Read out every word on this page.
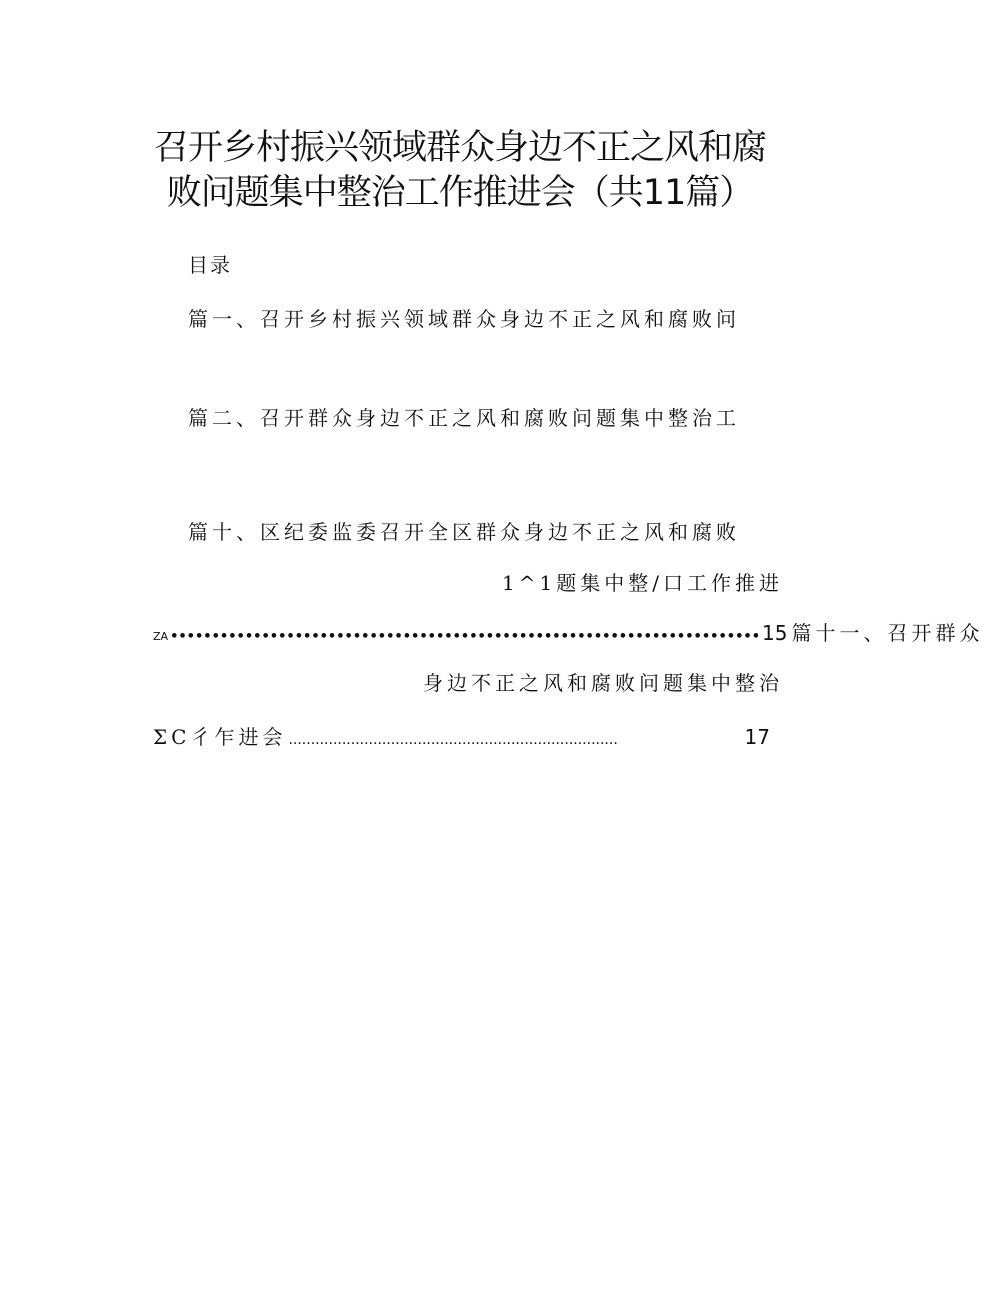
召开乡村振兴领域群众身边不正之风和腐
败问题集中整治工作推进会（共11篇）
目录
篇一、召开乡村振兴领域群众身边不正之风和腐败问
篇二、召开群众身边不正之风和腐败问题集中整治工
篇十、区纪委监委召开全区群众身边不正之风和腐败
1^1题集中整/口工作推进
ZA ••••••••••••••••••••••••••••••••••••••••••••••••••••••••••••••••••••••• 15 篇十一、召开群众
身边不正之风和腐败问题集中整治
ΣC彳乍进会 ..........................................................................	17
